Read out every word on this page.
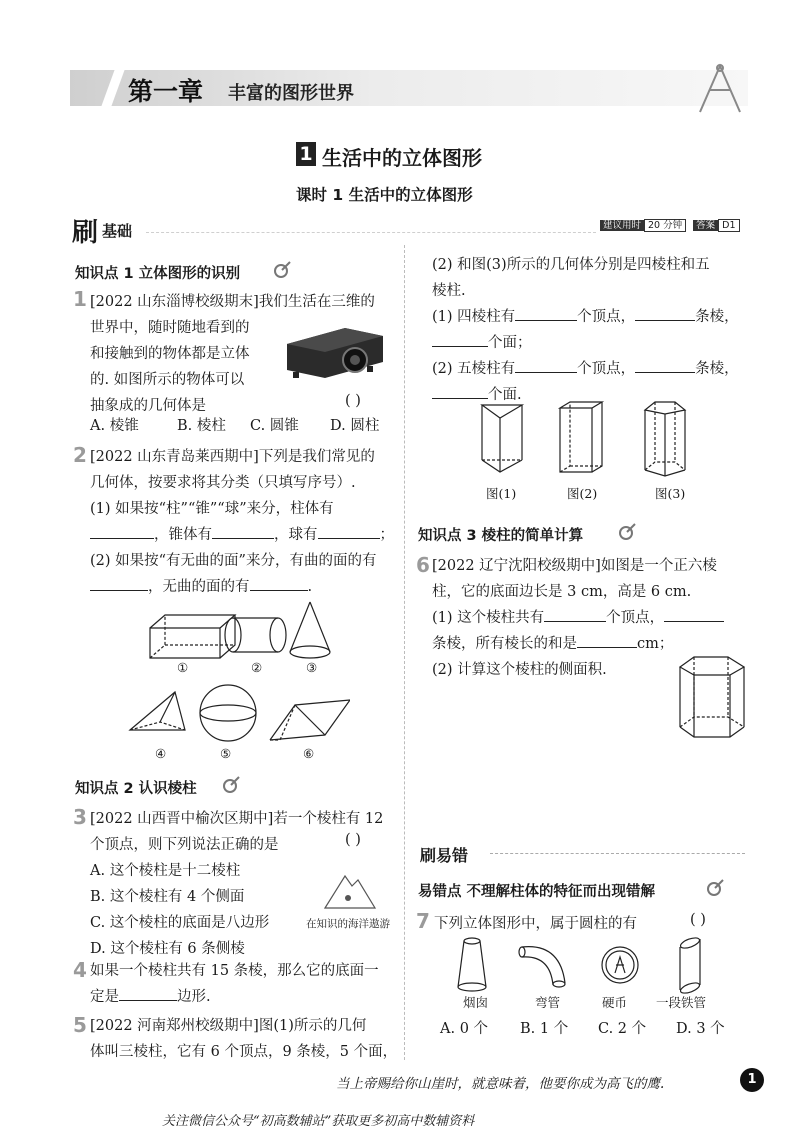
第一章 丰富的图形世界
1 生活中的立体图形
课时 1 生活中的立体图形
刷 基础	建议用时 20 分钟 答案 D1
知识点 1 立体图形的识别
1 [2022 山东淄博校级期末]我们生活在三维的
世界中，随时随地看到的
和接触到的物体都是立体
的. 如图所示的物体可以
抽象成的几何体是	( )
A. 棱锥	B. 棱柱 C. 圆锥 D. 圆柱
2 [2022 山东青岛莱西期中]下列是我们常见的
几何体，按要求将其分类（只填写序号）.
(1) 如果按“柱”“锥”“球”来分，柱体有
，锥体有	，球有	；
(2) 如果按“有无曲的面”来分，有曲的面的有
，无曲的面的有	.
①	②	③
④	⑤	⑥
知识点 2 认识棱柱
3 [2022 山西晋中榆次区期中]若一个棱柱有 12
个顶点，则下列说法正确的是
A. 这个棱柱是十二棱柱
B. 这个棱柱有 4 个侧面
C. 这个棱柱的底面是八边形
D. 这个棱柱有 6 条侧棱
( )
在知识的海洋遨游
4 如果一个棱柱共有 15 条棱，那么它的底面一
定是	边形.
5 [2022 河南郑州校级期中]图(1)所示的几何
体叫三棱柱，它有 6 个顶点，9 条棱，5 个面，
(2) 和图(3)所示的几何体分别是四棱柱和五
棱柱.
(1) 四棱柱有	个顶点，	条棱，
个面；
(2) 五棱柱有	个顶点，	条棱，
个面.
图(1)	图(2)	图(3)
知识点 3 棱柱的简单计算
6 [2022 辽宁沈阳校级期中]如图是一个正六棱
柱，它的底面边长是 3 cm，高是 6 cm.
(1) 这个棱柱共有	个顶点，
条棱，所有棱长的和是	cm；
(2) 计算这个棱柱的侧面积.
刷易错
易错点 不理解柱体的特征而出现错解
7 下列立体图形中，属于圆柱的有	( )
烟囱	弯管	硬币 一段铁管
A. 0 个 B. 1 个 C. 2 个 D. 3 个
当上帝赐给你山崖时，就意味着，他要你成为高飞的鹰.	1
关注微信公众号“初高数辅站”获取更多初高中数辅资料
